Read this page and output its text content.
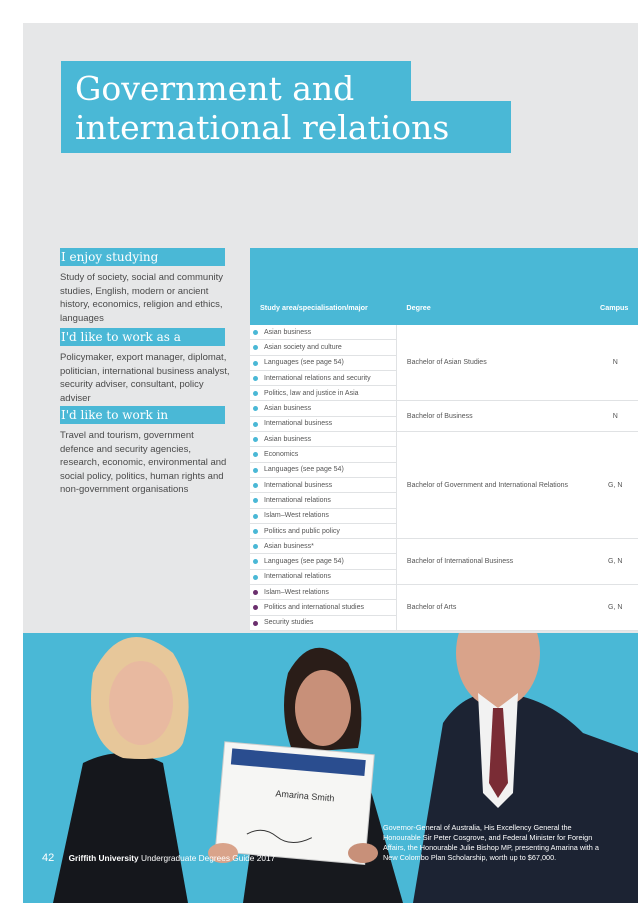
Government and
international relations
I enjoy studying
Study of society, social and community studies, English, modern or ancient history, economics, religion and ethics, languages
I'd like to work as a
Policymaker, export manager, diplomat, politician, international business analyst, security adviser, consultant, policy adviser
I'd like to work in
Travel and tourism, government defence and security agencies, research, economic, environmental and social policy, politics, human rights and non-government organisations
Study area/specialisation/major	Degree	Campus

Asian business	Bachelor of Asian Studies	N

Asian society and culture		

Languages (see page 54)		

International relations and security		

Politics, law and justice in Asia		

Asian business	Bachelor of Business	N

International business		

Asian business	Bachelor of Government and International Relations	G, N

Economics		

Languages (see page 54)		

International business		

International relations		

Islam–West relations		

Politics and public policy		

Asian business*	Bachelor of International Business	G, N

Languages (see page 54)		

International relations		

Islam–West relations	Bachelor of Arts	G, N

Politics and international studies		

Security studies		
Amarina Smith
Governor-General of Australia, His Excellency General the Honourable Sir Peter Cosgrove, and Federal Minister for Foreign Affairs, the Honourable Julie Bishop MP, presenting Amarina with a New Colombo Plan Scholarship, worth up to $67,000.
42 Griffith University Undergraduate Degrees Guide 2017
